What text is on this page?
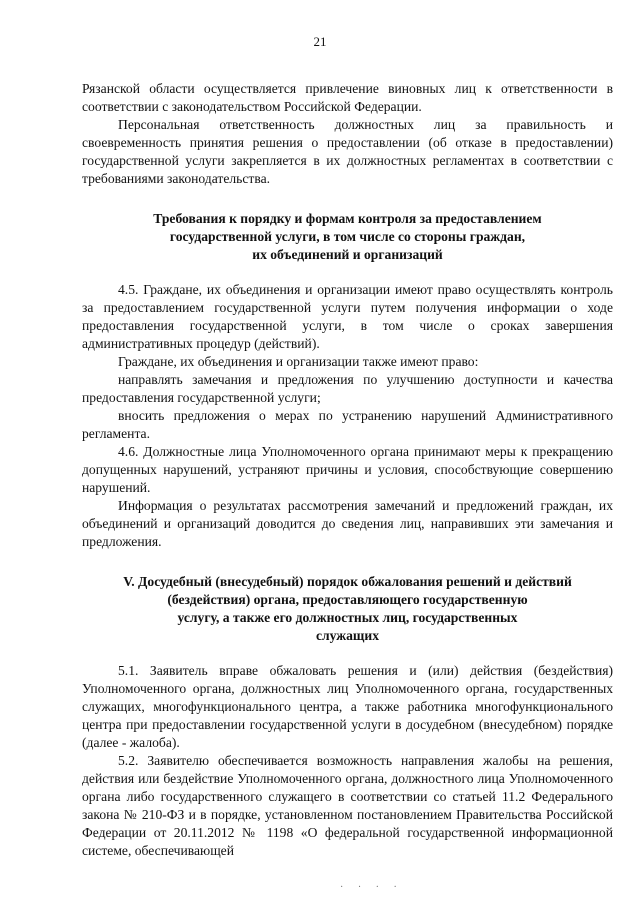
21

Рязанской области осуществляется привлечение виновных лиц к ответственности в соответствии с законодательством Российской Федерации.

Персональная ответственность должностных лиц за правильность и своевременность принятия решения о предоставлении (об отказе в предоставлении) государственной услуги закрепляется в их должностных регламентах в соответствии с требованиями законодательства.

Требования к порядку и формам контроля за предоставлением

государственной услуги, в том числе со стороны граждан,

их объединений и организаций

4.5. Граждане, их объединения и организации имеют право осуществлять контроль за предоставлением государственной услуги путем получения информации о ходе предоставления государственной услуги, в том числе о сроках завершения административных процедур (действий).

Граждане, их объединения и организации также имеют право:

направлять замечания и предложения по улучшению доступности и качества предоставления государственной услуги;

вносить предложения о мерах по устранению нарушений Административного регламента.

4.6. Должностные лица Уполномоченного органа принимают меры к прекращению допущенных нарушений, устраняют причины и условия, способствующие совершению нарушений.

Информация о результатах рассмотрения замечаний и предложений граждан, их объединений и организаций доводится до сведения лиц, направивших эти замечания и предложения.

V. Досудебный (внесудебный) порядок обжалования решений и действий

(бездействия) органа, предоставляющего государственную

услугу, а также его должностных лиц, государственных

служащих

5.1. Заявитель вправе обжаловать решения и (или) действия (бездействия) Уполномоченного органа, должностных лиц Уполномоченного органа, государственных служащих, многофункционального центра, а также работника многофункционального центра при предоставлении государственной услуги в досудебном (внесудебном) порядке (далее - жалоба).

5.2. Заявителю обеспечивается возможность направления жалобы на решения, действия или бездействие Уполномоченного органа, должностного лица Уполномоченного органа либо государственного служащего в соответствии со статьей 11.2 Федерального закона № 210-ФЗ и в порядке, установленном постановлением Правительства Российской Федерации от 20.11.2012 № 1198 «О федеральной государственной информационной системе, обеспечивающей

· · · ·
